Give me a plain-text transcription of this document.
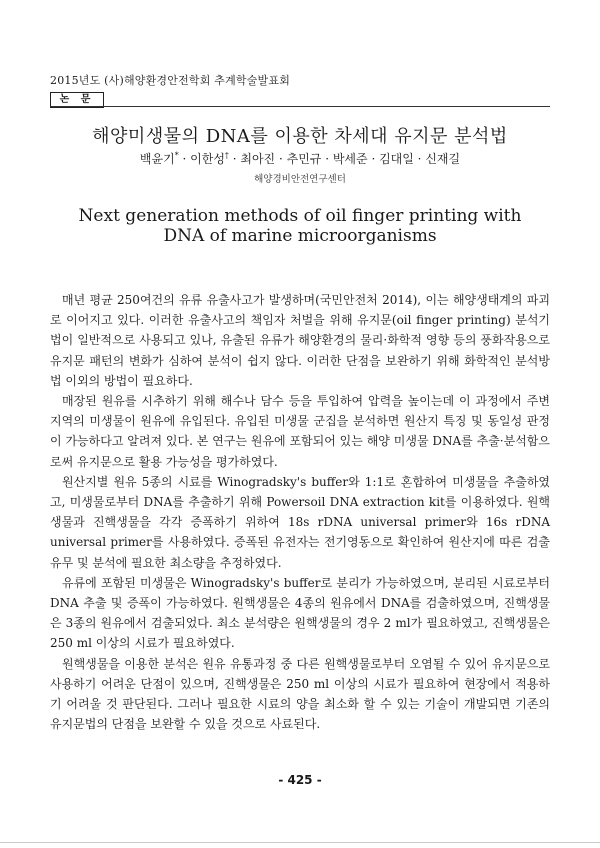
2015년도 (사)해양환경안전학회 추계학술발표회
논 문
해양미생물의 DNA를 이용한 차세대 유지문 분석법
백윤기* · 이한성† · 최아진 · 추민규 · 박세준 · 김대일 · 신재길
해양경비안전연구센터
Next generation methods of oil finger printing with DNA of marine microorganisms

매년 평균 250여건의 유류 유출사고가 발생하며(국민안전처 2014), 이는 해양생태계의 파괴로 이어지고 있다. 이러한 유출사고의 책임자 처벌을 위해 유지문(oil finger printing) 분석기법이 일반적으로 사용되고 있나, 유출된 유류가 해양환경의 물리·화학적 영향 등의 풍화작용으로 유지문 패턴의 변화가 심하여 분석이 쉽지 않다. 이러한 단점을 보완하기 위해 화학적인 분석방법 이외의 방법이 필요하다.

매장된 원유를 시추하기 위해 해수나 담수 등을 투입하여 압력을 높이는데 이 과정에서 주변 지역의 미생물이 원유에 유입된다. 유입된 미생물 군집을 분석하면 원산지 특징 및 동일성 판정이 가능하다고 알려져 있다. 본 연구는 원유에 포함되어 있는 해양 미생물 DNA를 추출·분석함으로써 유지문으로 활용 가능성을 평가하였다.

원산지별 원유 5종의 시료를 Winogradsky's buffer와 1:1로 혼합하여 미생물을 추출하였고, 미생물로부터 DNA를 추출하기 위해 Powersoil DNA extraction kit를 이용하였다. 원핵생물과 진핵생물을 각각 증폭하기 위하여 18s rDNA universal primer와 16s rDNA universal primer를 사용하였다. 증폭된 유전자는 전기영동으로 확인하여 원산지에 따른 검출 유무 및 분석에 필요한 최소량을 추정하였다.

유류에 포함된 미생물은 Winogradsky's buffer로 분리가 가능하였으며, 분리된 시료로부터 DNA 추출 및 증폭이 가능하였다. 원핵생물은 4종의 원유에서 DNA를 검출하였으며, 진핵생물은 3종의 원유에서 검출되었다. 최소 분석량은 원핵생물의 경우 2 ml가 필요하였고, 진핵생물은 250 ml 이상의 시료가 필요하였다.

원핵생물을 이용한 분석은 원유 유통과정 중 다른 원핵생물로부터 오염될 수 있어 유지문으로 사용하기 어려운 단점이 있으며, 진핵생물은 250 ml 이상의 시료가 필요하여 현장에서 적용하기 어려울 것 판단된다. 그러나 필요한 시료의 양을 최소화 할 수 있는 기술이 개발되면 기존의 유지문법의 단점을 보완할 수 있을 것으로 사료된다.

- 425 -
